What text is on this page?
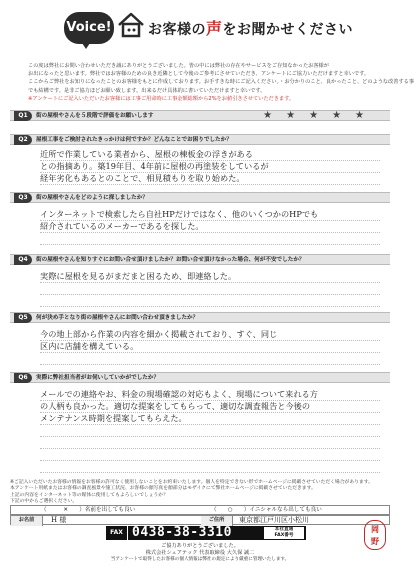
Voice!	お客様の声をお聞かせください

この度は弊社にお問い合わせいただき誠にありがとうございました。皆の中には弊社の存在やサービスをご存知なかったお客様が

お出になったと思います。弊社ではお客様のための良き近隣として今後のご参考にさせていただき、アンケートにご協力いただけますと幸いです。

ここからご弊社をお知りになったことのお客様をもとに作成しております。お手すきな時にご記入ください。・お分かりのこと、良かったこと、どのような改善する事

でも結構です。是非ご協力ほどお願い致します。出来るだけ具体的に書いていただけますと幸いです。

※アンケートにご記入いただいたお客様には工事ご用命時に工事金額総額から2%をお値引きさせていただきます。

Q1	街の屋根やさんを５段階で評価をお願いします	★★★★★
Q2	屋根工事をご検討されたきっかけは何ですか？どんなことでお困りでしたか？
近所で作業している業者から、屋根の棟板金の浮きがある
との指摘あり。築19年目、4年前に屋根の再塗装をしているが
経年劣化もあるとのことで、相見積もりを取り始めた。
Q3	街の屋根やさんをどのように探しましたか？
インターネットで検索したら自社HPだけではなく、他のいくつかのHPでも
紹介されているのメーカーであるを探した。
Q4	街の屋根やさんを知りすぐにお問い合せ頂けましたか？お問い合せ頂けなかった場合、何が不安でしたか？
実際に屋根を見るがまだまと困るため、即連絡した。
Q5	何が決め手となり街の屋根やさんにお問い合わせ頂きましたか？
今の地上部から作業の内容を細かく掲載されており、すぐ、同じ
区内に店舗を構えている。
Q6	実際に弊社担当者がお伺いしていかがでしたか？
メールでの連絡やお、料金の現場確認の対応もよく、現場について来れる方
の人柄も良かった。適切な提案をしてもらって、適切な調査報告と今後の
メンテナンス時期を提案してもらえた。

※ご記入いただいたお客様の情報をお客様の許可なく使用しないことをお約束いたします。個人を特定できない形でホームページに掲載させていただく場合があります。

本アンケート用紙またはお客様の調査風景や施工状況、お客様の顔写真を顔部分はモザイクにて弊社ホームページに掲載させていただきます。

上記の内容をインターネット等の媒体に使用してもよろしいでしょうか？

下記の中からご選択ください。

（　　　✕　　）名前を出しても良い	（　　○　　）イニシャルなら出しても良い
お名前	H 様	ご住所	東京都江戸川区小松川
FAX 0438-38-3310	本社直通
FAX番号
ご協力ありがとうございました。
株式会社シェアテック 代表取締役 大久保 誠二
当アンケートで取得したお客様の個人情報は弊社の規定により厳重に管理いたします。
岡
野
